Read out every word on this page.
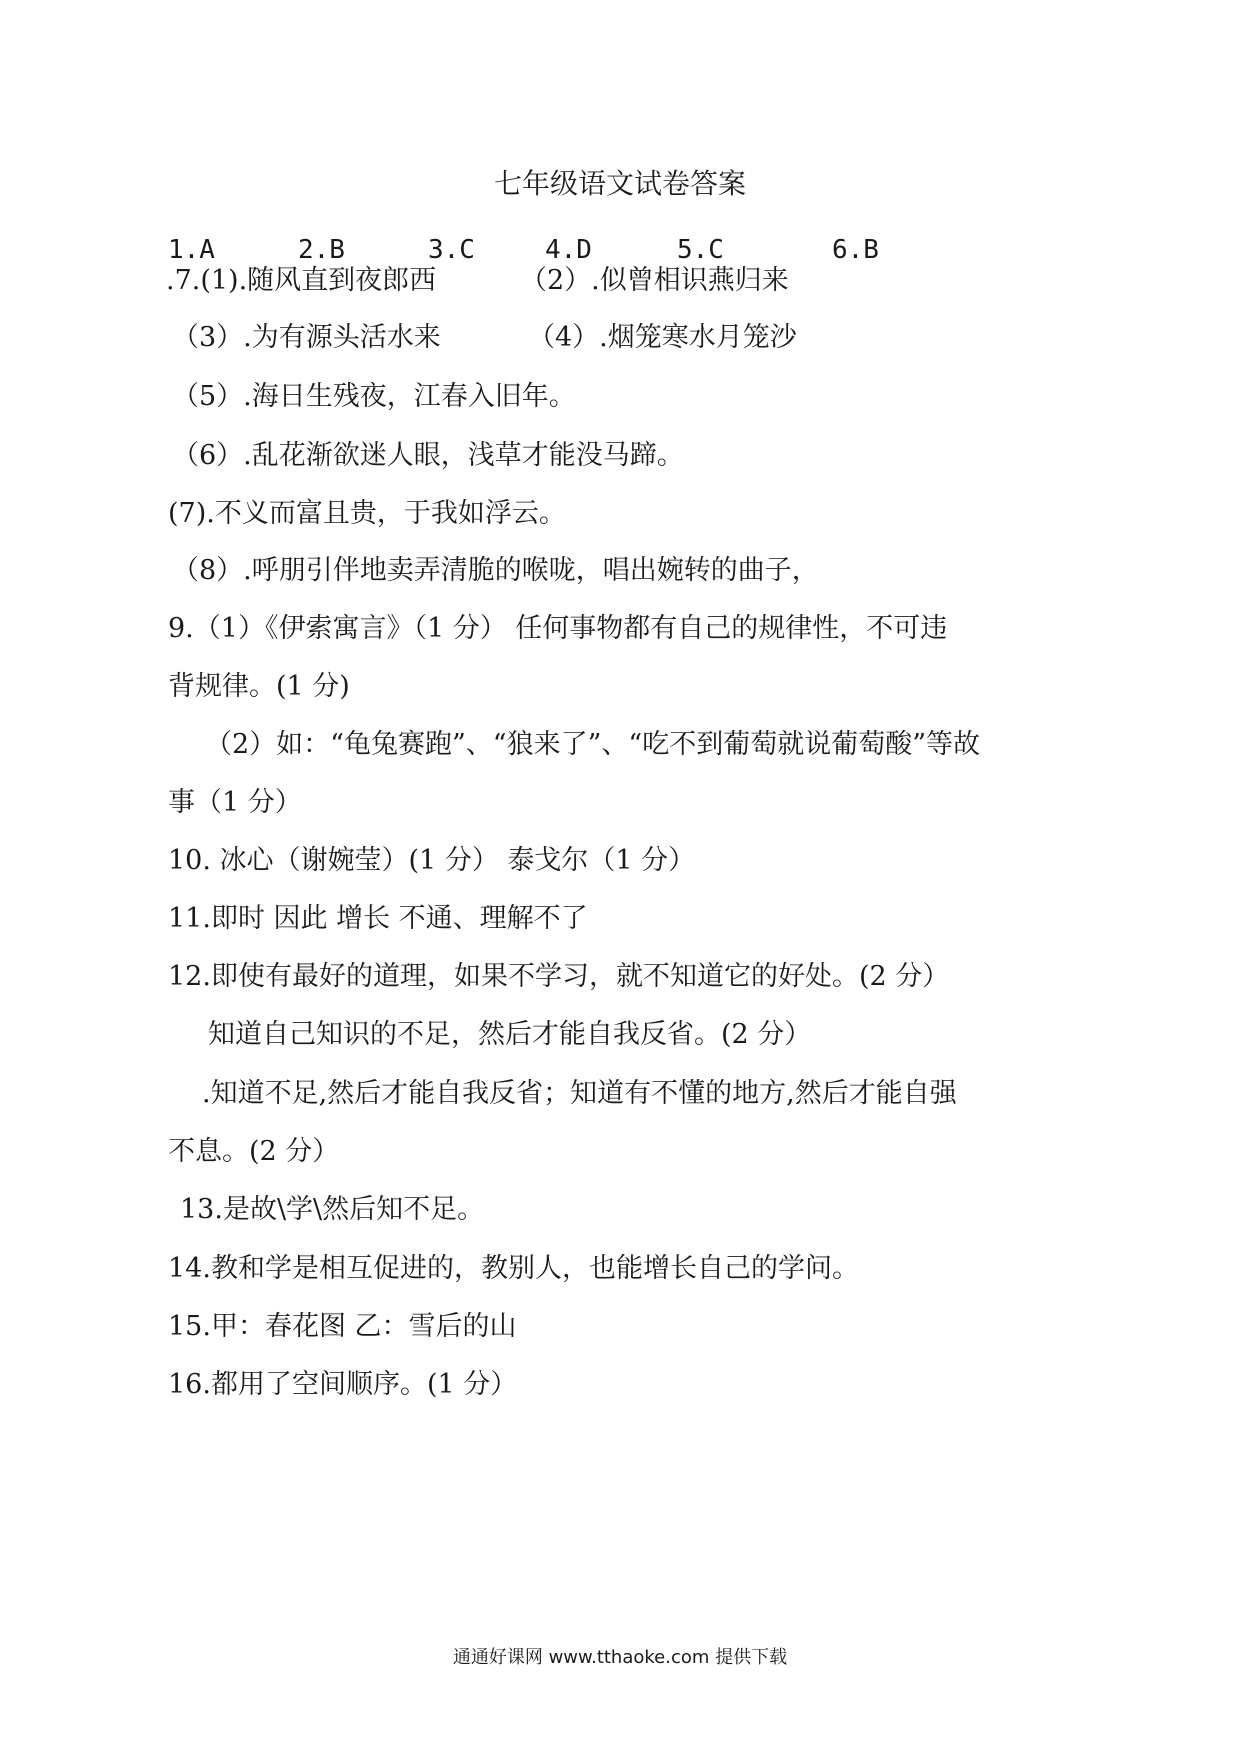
七年级语文试卷答案
1.A	2.B	3.C	4.D	5.C	6.B
.7.(1).随风直到夜郎西	（2）.似曾相识燕归来
（3）.为有源头活水来	（4）.烟笼寒水月笼沙
（5）.海日生残夜，江春入旧年。
（6）.乱花渐欲迷人眼，浅草才能没马蹄。
(7).不义而富且贵，于我如浮云。
（8）.呼朋引伴地卖弄清脆的喉咙，唱出婉转的曲子，
9.（1）《伊索寓言》（1 分） 任何事物都有自己的规律性，不可违
背规律。(1 分)
（2）如：“龟兔赛跑”、“狼来了”、“吃不到葡萄就说葡萄酸”等故
事（1 分）
10. 冰心（谢婉莹）(1 分） 泰戈尔（1 分）
11.即时 因此 增长 不通、理解不了
12.即使有最好的道理，如果不学习，就不知道它的好处。(2 分）
知道自己知识的不足，然后才能自我反省。(2 分）
.知道不足,然后才能自我反省；知道有不懂的地方,然后才能自强
不息。(2 分）
13.是故\学\然后知不足。
14.教和学是相互促进的，教别人，也能增长自己的学问。
15.甲：春花图 乙：雪后的山
16.都用了空间顺序。(1 分）
通通好课网 www.tthaoke.com 提供下载
